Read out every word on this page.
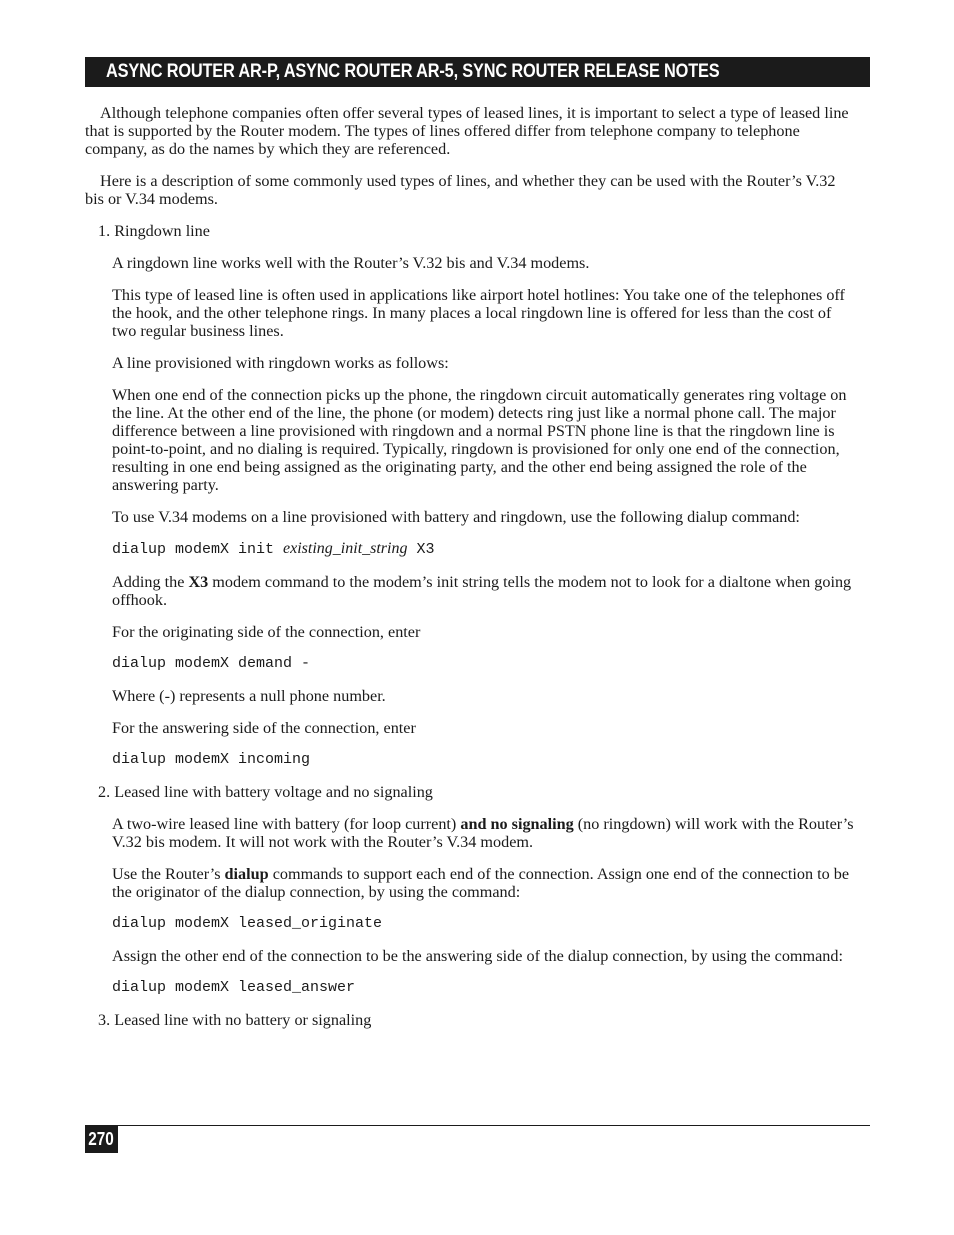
ASYNC ROUTER AR-P, ASYNC ROUTER AR-5, SYNC ROUTER RELEASE NOTES

Although telephone companies often offer several types of leased lines, it is important to select a type of leased line that is supported by the Router modem. The types of lines offered differ from telephone company to telephone company, as do the names by which they are referenced.

Here is a description of some commonly used types of lines, and whether they can be used with the Router’s V.32 bis or V.34 modems.

1. Ringdown line

A ringdown line works well with the Router’s V.32 bis and V.34 modems.

This type of leased line is often used in applications like airport hotel hotlines: You take one of the telephones off the hook, and the other telephone rings. In many places a local ringdown line is offered for less than the cost of two regular business lines.

A line provisioned with ringdown works as follows:

When one end of the connection picks up the phone, the ringdown circuit automatically generates ring voltage on the line. At the other end of the line, the phone (or modem) detects ring just like a normal phone call. The major difference between a line provisioned with ringdown and a normal PSTN phone line is that the ringdown line is point-to-point, and no dialing is required. Typically, ringdown is provisioned for only one end of the connection, resulting in one end being assigned as the originating party, and the other end being assigned the role of the answering party.

To use V.34 modems on a line provisioned with battery and ringdown, use the following dialup command:

dialup modemX init existing_init_string X3

Adding the X3 modem command to the modem’s init string tells the modem not to look for a dialtone when going offhook.

For the originating side of the connection, enter

dialup modemX demand -

Where (-) represents a null phone number.

For the answering side of the connection, enter

dialup modemX incoming

2. Leased line with battery voltage and no signaling

A two-wire leased line with battery (for loop current) and no signaling (no ringdown) will work with the Router’s V.32 bis modem. It will not work with the Router’s V.34 modem.

Use the Router’s dialup commands to support each end of the connection. Assign one end of the connection to be the originator of the dialup connection, by using the command:

dialup modemX leased_originate

Assign the other end of the connection to be the answering side of the dialup connection, by using the command:

dialup modemX leased_answer

3. Leased line with no battery or signaling

270
